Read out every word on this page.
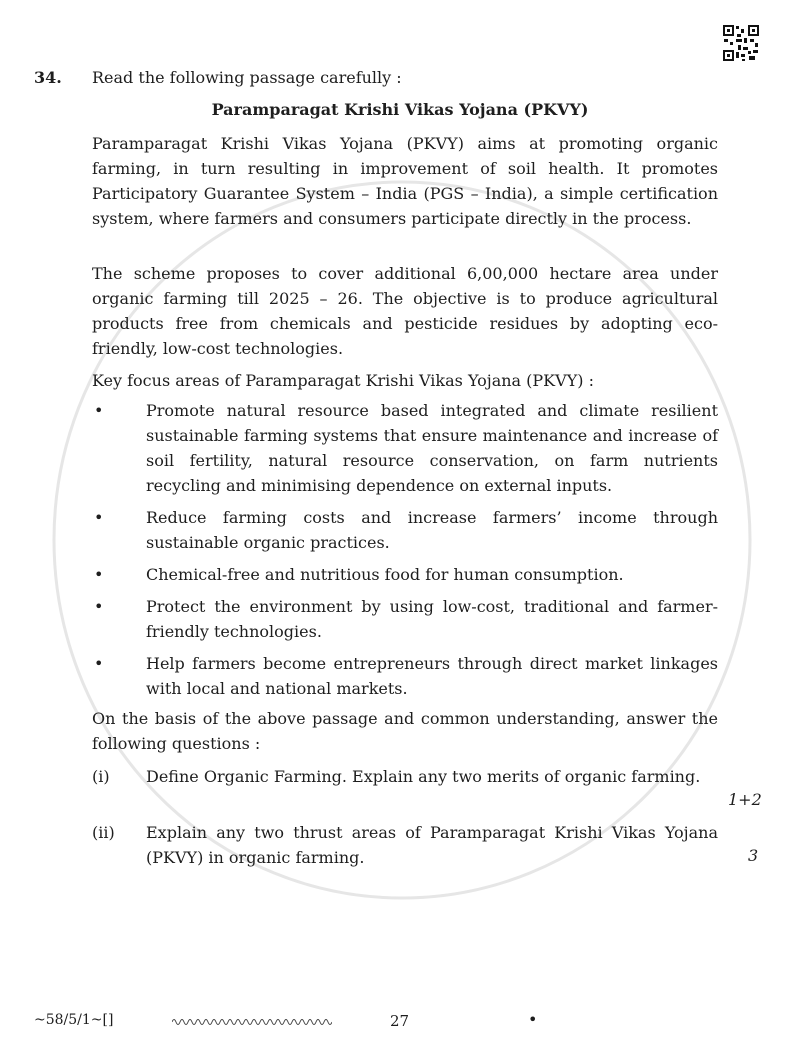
34. Read the following passage carefully :
Paramparagat Krishi Vikas Yojana (PKVY)

Paramparagat Krishi Vikas Yojana (PKVY) aims at promoting organic farming, in turn resulting in improvement of soil health. It promotes Participatory Guarantee System – India (PGS – India), a simple certification system, where farmers and consumers participate directly in the process.

The scheme proposes to cover additional 6,00,000 hectare area under organic farming till 2025 – 26. The objective is to produce agricultural products free from chemicals and pesticide residues by adopting eco-friendly, low-cost technologies.

Key focus areas of Paramparagat Krishi Vikas Yojana (PKVY) :

•	Promote natural resource based integrated and climate resilient sustainable farming systems that ensure maintenance and increase of soil fertility, natural resource conservation, on farm nutrients recycling and minimising dependence on external inputs.
•	Reduce farming costs and increase farmers’ income through sustainable organic practices.
•	Chemical-free and nutritious food for human consumption.
•	Protect the environment by using low-cost, traditional and farmer-friendly technologies.
•	Help farmers become entrepreneurs through direct market linkages with local and national markets.

On the basis of the above passage and common understanding, answer the following questions :

(i) Define Organic Farming. Explain any two merits of organic farming.
1+2
(ii) Explain any two thrust areas of Paramparagat Krishi Vikas Yojana (PKVY) in organic farming.	3
~58/5/1~[]	27	•
